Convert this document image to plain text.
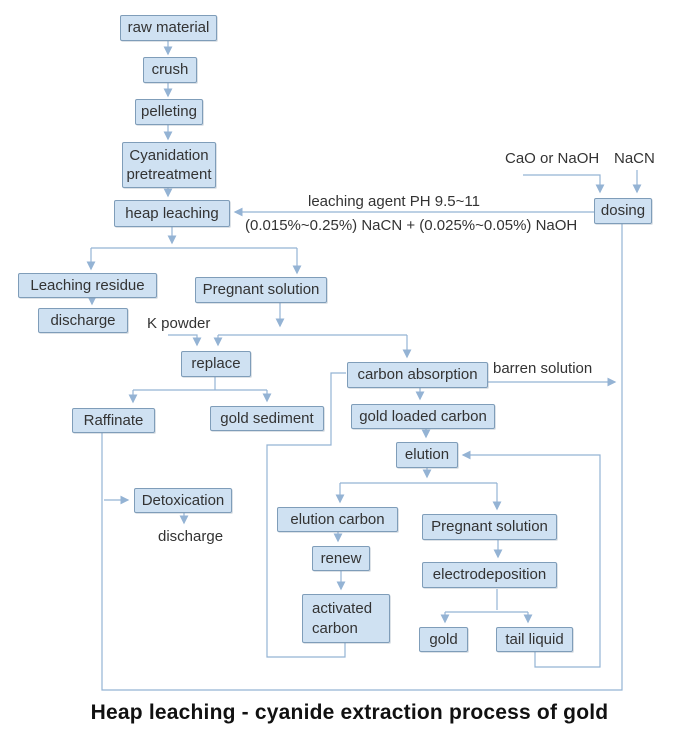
raw material
crush
pelleting
Cyanidation pretreatment
heap leaching	dosing
Leaching residue
discharge
Pregnant solution
replace
Raffinate	gold sediment
carbon absorption
gold loaded carbon
elution
Detoxication
elution carbon	Pregnant solution
renew
activated carbon
electrodeposition
gold	tail liquid
CaO or NaOH NaCN
leaching agent PH 9.5~11
(0.015%~0.25%) NaCN + (0.025%~0.05%) NaOH
K powder
barren solution
discharge
Heap leaching - cyanide extraction process of gold
